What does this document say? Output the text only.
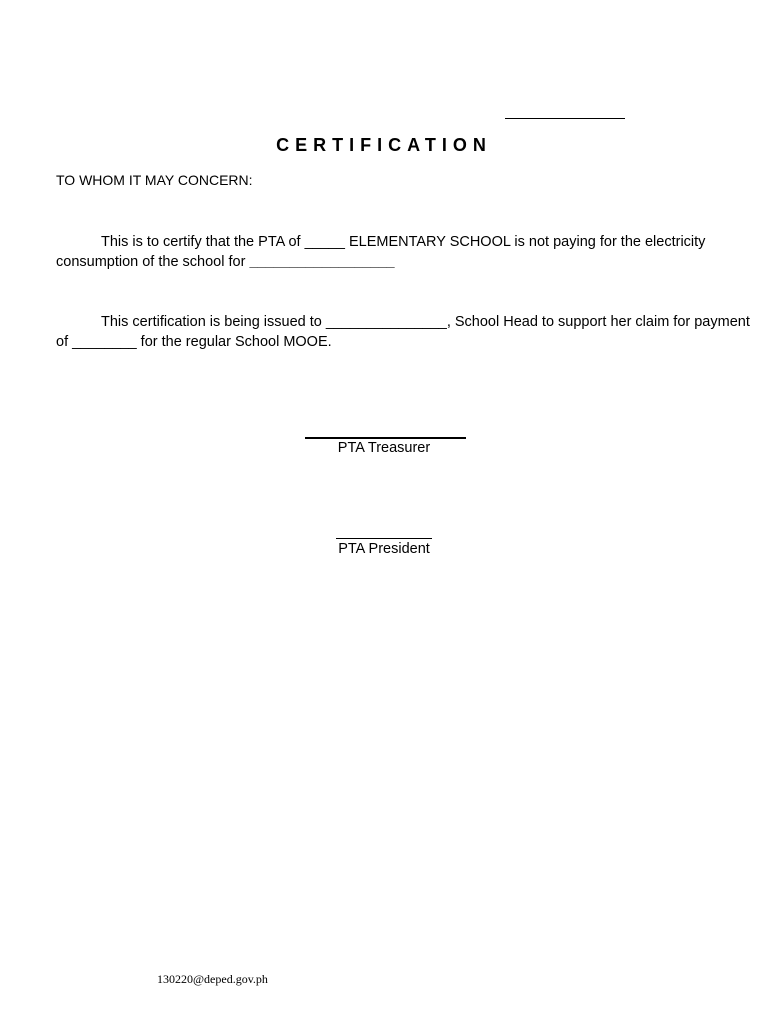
CERTIFICATION
TO WHOM IT MAY CONCERN:
This is to certify that the PTA of _____ ELEMENTARY SCHOOL is not paying for the electricity consumption of the school for __________________
This certification is being issued to _______________, School Head to support her claim for payment of ________ for the regular School MOOE.
PTA Treasurer
PTA President
130220@deped.gov.ph
